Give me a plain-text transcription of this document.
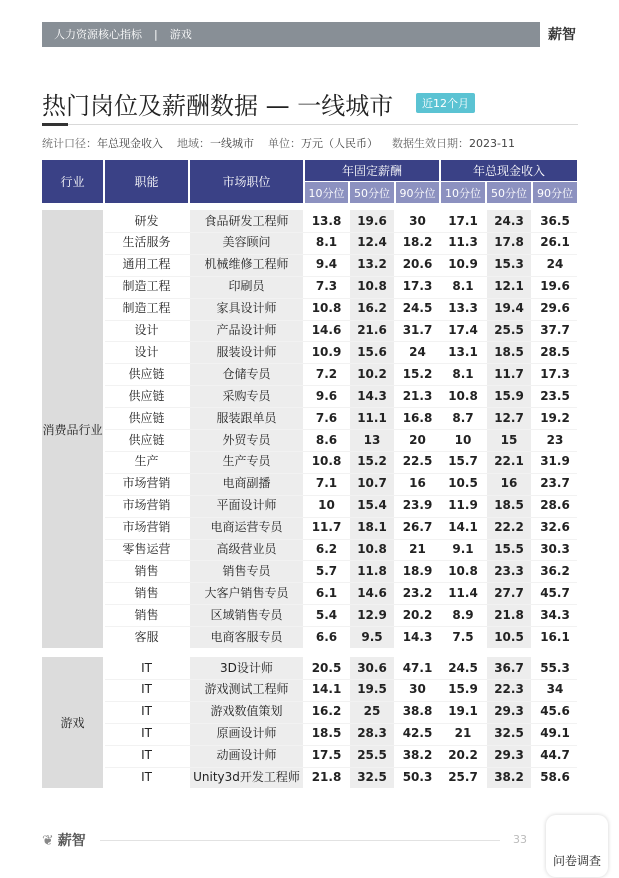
人力资源核心指标 | 游戏	薪智
热门岗位及薪酬数据 — 一线城市	近12个月
统计口径：年总现金收入 地域：一线城市 单位：万元（人民币） 数据生效日期：2023-11
行业	职能	市场职位
年固定薪酬	年总现金收入
10分位 50分位 90分位 10分位 50分位 90分位
消费品行业
研发	食品研发工程师	13.8	19.6	30	17.1	24.3	36.5
生活服务	美容顾问	8.1	12.4	18.2	11.3	17.8	26.1
通用工程	机械维修工程师	9.4	13.2	20.6	10.9	15.3	24
制造工程	印刷员	7.3	10.8	17.3	8.1	12.1	19.6
制造工程	家具设计师	10.8	16.2	24.5	13.3	19.4	29.6
设计	产品设计师	14.6	21.6	31.7	17.4	25.5	37.7
设计	服装设计师	10.9	15.6	24	13.1	18.5	28.5
供应链	仓储专员	7.2	10.2	15.2	8.1	11.7	17.3
供应链	采购专员	9.6	14.3	21.3	10.8	15.9	23.5
供应链	服装跟单员	7.6	11.1	16.8	8.7	12.7	19.2
供应链	外贸专员	8.6	13	20	10	15	23
生产	生产专员	10.8	15.2	22.5	15.7	22.1	31.9
市场营销	电商副播	7.1	10.7	16	10.5	16	23.7
市场营销	平面设计师	10	15.4	23.9	11.9	18.5	28.6
市场营销	电商运营专员	11.7	18.1	26.7	14.1	22.2	32.6
零售运营	高级营业员	6.2	10.8	21	9.1	15.5	30.3
销售	销售专员	5.7	11.8	18.9	10.8	23.3	36.2
销售	大客户销售专员	6.1	14.6	23.2	11.4	27.7	45.7
销售	区域销售专员	5.4	12.9	20.2	8.9	21.8	34.3
客服	电商客服专员	6.6	9.5	14.3	7.5	10.5	16.1
游戏
IT	3D设计师	20.5	30.6	47.1	24.5	36.7	55.3
IT	游戏测试工程师	14.1	19.5	30	15.9	22.3	34
IT	游戏数值策划	16.2	25	38.8	19.1	29.3	45.6
IT	原画设计师	18.5	28.3	42.5	21	32.5	49.1
IT	动画设计师	17.5	25.5	38.2	20.2	29.3	44.7
IT	Unity3d开发工程师 21.8	32.5	50.3	25.7	38.2	58.6
❦ 薪智	33
问卷调查
